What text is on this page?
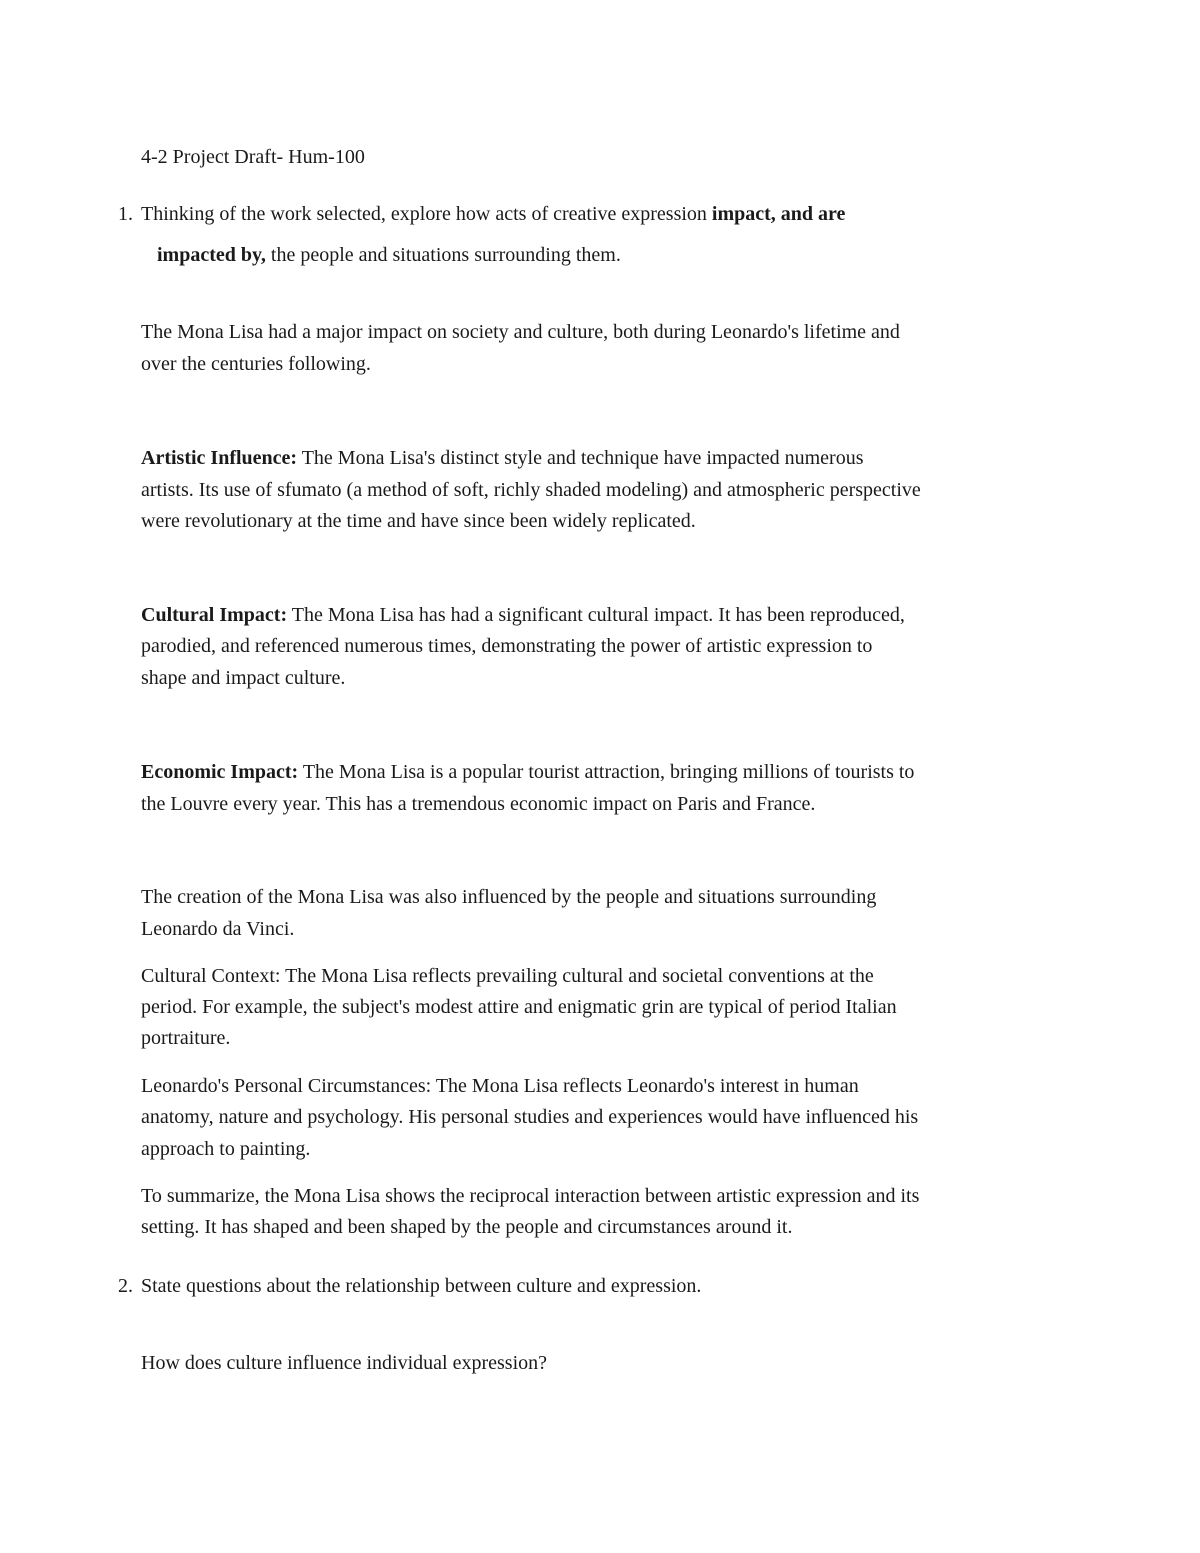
4-2 Project Draft- Hum-100
1. Thinking of the work selected, explore how acts of creative expression impact, and are
impacted by, the people and situations surrounding them.
The Mona Lisa had a major impact on society and culture, both during Leonardo's lifetime and
over the centuries following.
Artistic Influence: The Mona Lisa's distinct style and technique have impacted numerous
artists. Its use of sfumato (a method of soft, richly shaded modeling) and atmospheric perspective
were revolutionary at the time and have since been widely replicated.
Cultural Impact: The Mona Lisa has had a significant cultural impact. It has been reproduced,
parodied, and referenced numerous times, demonstrating the power of artistic expression to
shape and impact culture.
Economic Impact: The Mona Lisa is a popular tourist attraction, bringing millions of tourists to
the Louvre every year. This has a tremendous economic impact on Paris and France.
The creation of the Mona Lisa was also influenced by the people and situations surrounding
Leonardo da Vinci.
Cultural Context: The Mona Lisa reflects prevailing cultural and societal conventions at the
period. For example, the subject's modest attire and enigmatic grin are typical of period Italian
portraiture.
Leonardo's Personal Circumstances: The Mona Lisa reflects Leonardo's interest in human
anatomy, nature and psychology. His personal studies and experiences would have influenced his
approach to painting.
To summarize, the Mona Lisa shows the reciprocal interaction between artistic expression and its
setting. It has shaped and been shaped by the people and circumstances around it.
2. State questions about the relationship between culture and expression.
How does culture influence individual expression?
